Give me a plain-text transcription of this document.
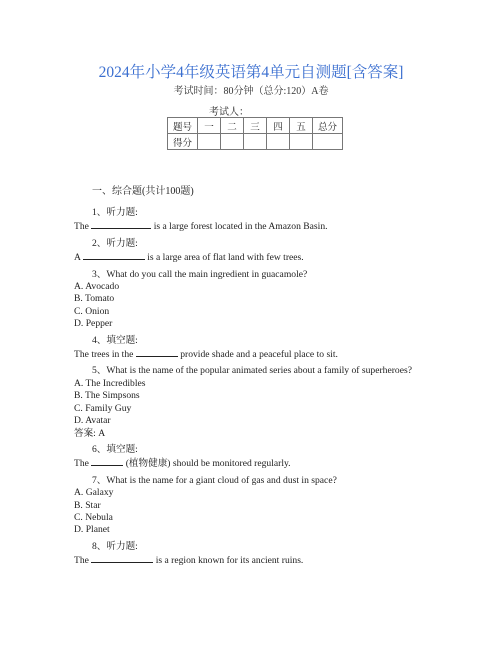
2024年小学4年级英语第4单元自测题[含答案]
考试时间：80分钟（总分:120）A卷
考试人：
题号	一	二	三	四	五	总分
得分						
一、综合题(共计100题)
1、听力题:
The	is a large forest located in the Amazon Basin.
2、听力题:
A	is a large area of flat land with few trees.
3、What do you call the main ingredient in guacamole?
A. Avocado
B. Tomato
C. Onion
D. Pepper
4、填空题:
The trees in the	provide shade and a peaceful place to sit.
5、What is the name of the popular animated series about a family of superheroes?
A. The Incredibles
B. The Simpsons
C. Family Guy
D. Avatar
答案: A
6、填空题:
The	(植物健康) should be monitored regularly.
7、What is the name for a giant cloud of gas and dust in space?
A. Galaxy
B. Star
C. Nebula
D. Planet
8、听力题:
The	is a region known for its ancient ruins.
